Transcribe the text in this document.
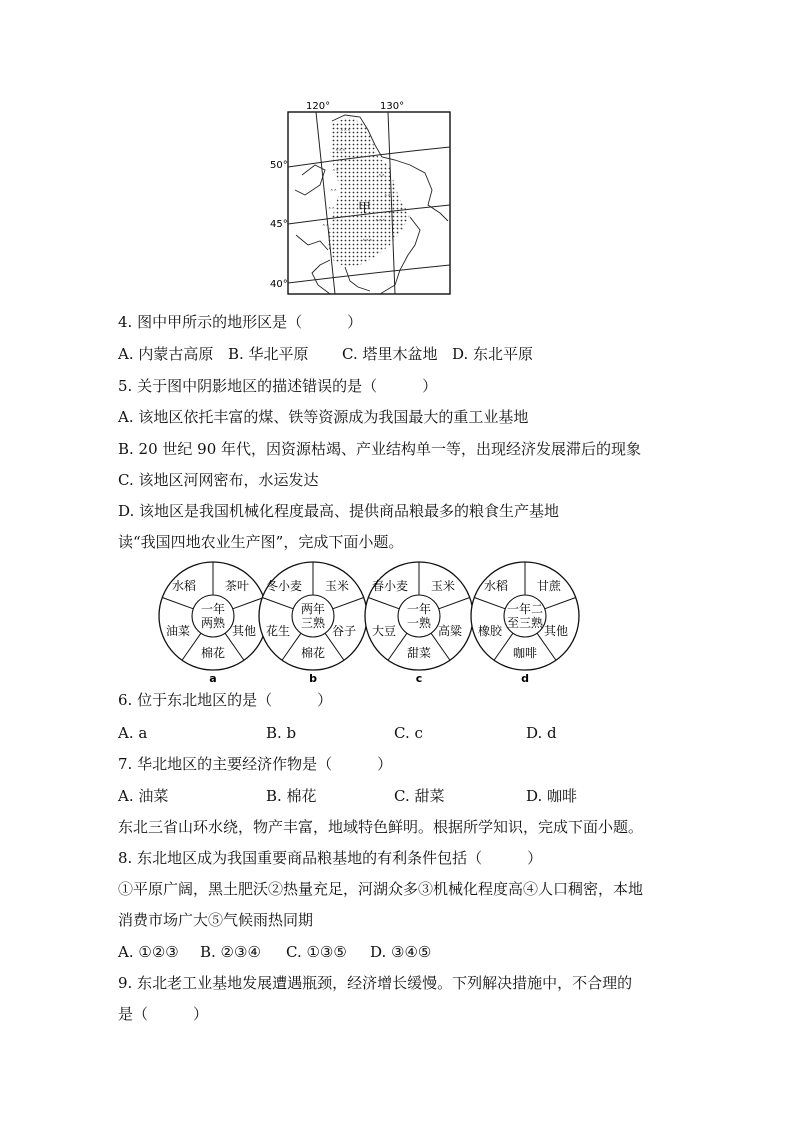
120°	130°
50°
45°
40°
ˆˆˆ
ˆˆˆ
ˆˆ
ˆˆ
ˆˆ
ˆˆ
ˆˆ
ˆˆ
ˆˆˆ
ˆˆˆ
甲
4. 图中甲所示的地形区是（　　　）
A. 内蒙古高原 B. 华北平原 C. 塔里木盆地 D. 东北平原
5. 关于图中阴影地区的描述错误的是（　　　）
A. 该地区依托丰富的煤、铁等资源成为我国最大的重工业基地
B. 20 世纪 90 年代，因资源枯竭、产业结构单一等，出现经济发展滞后的现象
C. 该地区河网密布，水运发达
D. 该地区是我国机械化程度最高、提供商品粮最多的粮食生产基地
读“我国四地农业生产图”，完成下面小题。
水稻 茶叶
其他
棉花
油菜
一年
两熟
a
冬小麦 玉米
谷子
棉花
花生
两年
三熟
b
春小麦 玉米
高粱
甜菜
大豆
一年
一熟
c
水稻 甘蔗
其他
咖啡
橡胶
一年二
至三熟
d
6. 位于东北地区的是（　　　）
A. a	B. b	C. c	D. d
7. 华北地区的主要经济作物是（　　　）
A. 油菜	B. 棉花	C. 甜菜	D. 咖啡
东北三省山环水绕，物产丰富，地域特色鲜明。根据所学知识，完成下面小题。
8. 东北地区成为我国重要商品粮基地的有利条件包括（　　　）
①平原广阔，黑土肥沃②热量充足，河湖众多③机械化程度高④人口稠密，本地
消费市场广大⑤气候雨热同期
A. ①②③ B. ②③④ C. ①③⑤ D. ③④⑤
9. 东北老工业基地发展遭遇瓶颈，经济增长缓慢。下列解决措施中，不合理的
是（　　　）
